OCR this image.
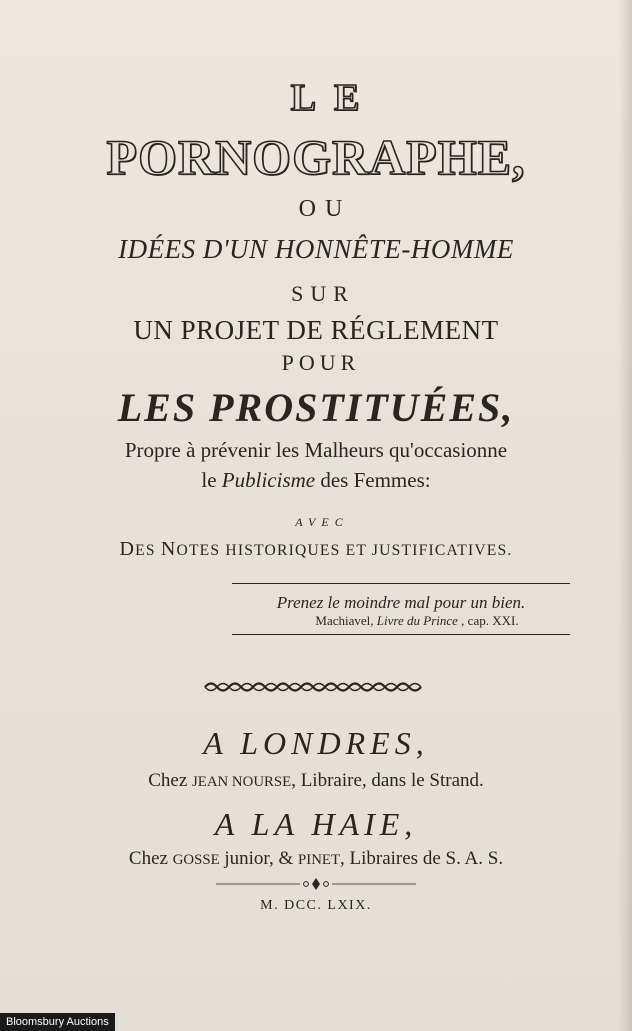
LE
PORNOGRAPHE,
OU
IDÉES D'UN HONNÊTE-HOMME
SUR
UN PROJET DE RÉGLEMENT
POUR
LES PROSTITUÉES,
Propre à prévenir les Malheurs qu'occasionne
le Publicisme des Femmes:
AVEC
DES NOTES HISTORIQUES ET JUSTIFICATIVES.
Prenez le moindre mal pour un bien.
Machiavel, Livre du Prince , cap. XXI.
A LONDRES,
Chez JEAN NOURSE, Libraire, dans le Strand.
A LA HAIE,
Chez GOSSE junior, & PINET, Libraires de S. A. S.
M. DCC. LXIX.
Bloomsbury Auctions
